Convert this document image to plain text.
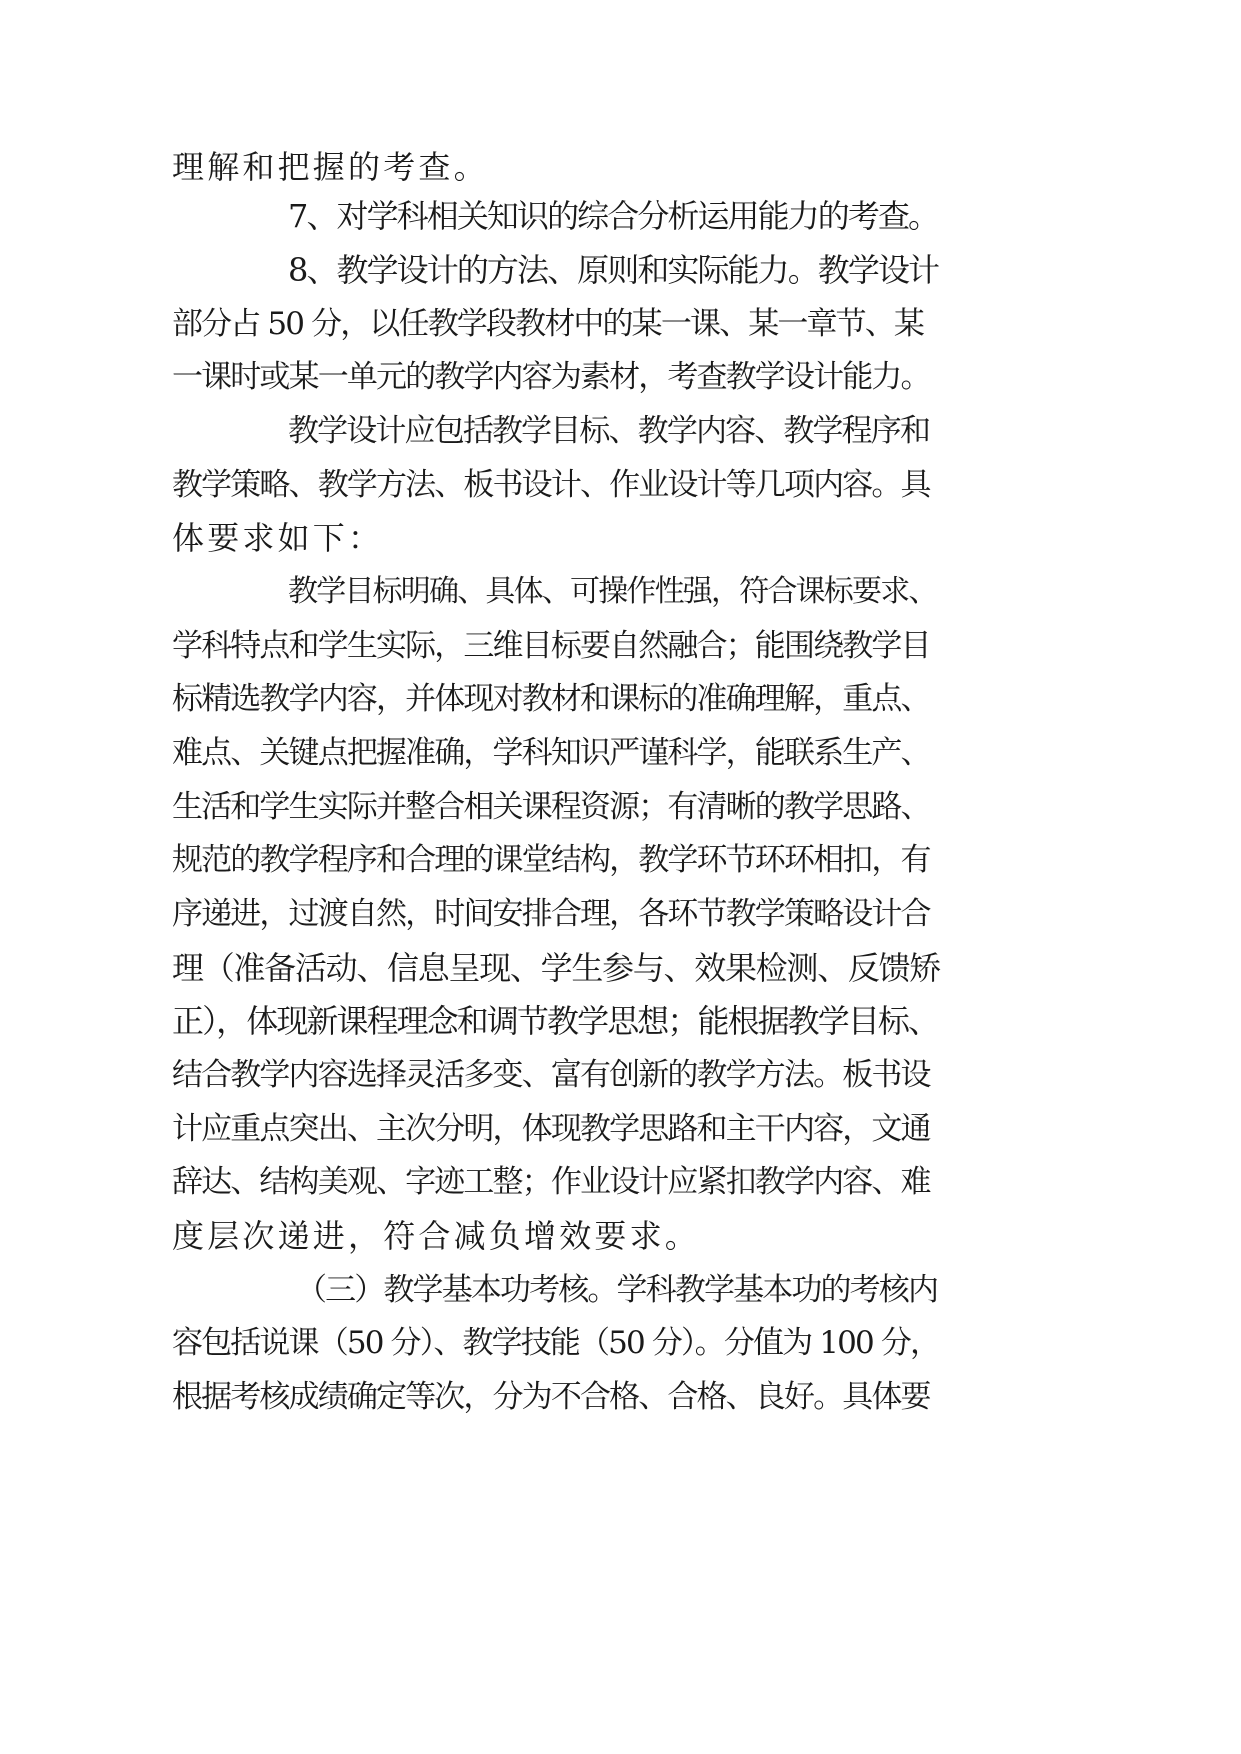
理解和把握的考查。
7、对学科相关知识的综合分析运用能力的考查。
8、教学设计的方法、原则和实际能力。教学设计
部分占 50 分，以任教学段教材中的某一课、某一章节、某
一课时或某一单元的教学内容为素材，考查教学设计能力。
教学设计应包括教学目标、教学内容、教学程序和
教学策略、教学方法、板书设计、作业设计等几项内容。具
体要求如下：
教学目标明确、具体、可操作性强，符合课标要求、
学科特点和学生实际，三维目标要自然融合；能围绕教学目
标精选教学内容，并体现对教材和课标的准确理解，重点、
难点、关键点把握准确，学科知识严谨科学，能联系生产、
生活和学生实际并整合相关课程资源；有清晰的教学思路、
规范的教学程序和合理的课堂结构，教学环节环环相扣，有
序递进，过渡自然，时间安排合理，各环节教学策略设计合
理（准备活动、信息呈现、学生参与、效果检测、反馈矫
正），体现新课程理念和调节教学思想；能根据教学目标、
结合教学内容选择灵活多变、富有创新的教学方法。板书设
计应重点突出、主次分明，体现教学思路和主干内容，文通
辞达、结构美观、字迹工整；作业设计应紧扣教学内容、难
度层次递进，符合减负增效要求。
（三）教学基本功考核。学科教学基本功的考核内
容包括说课（50 分）、教学技能（50 分）。分值为 100 分，
根据考核成绩确定等次，分为不合格、合格、良好。具体要
